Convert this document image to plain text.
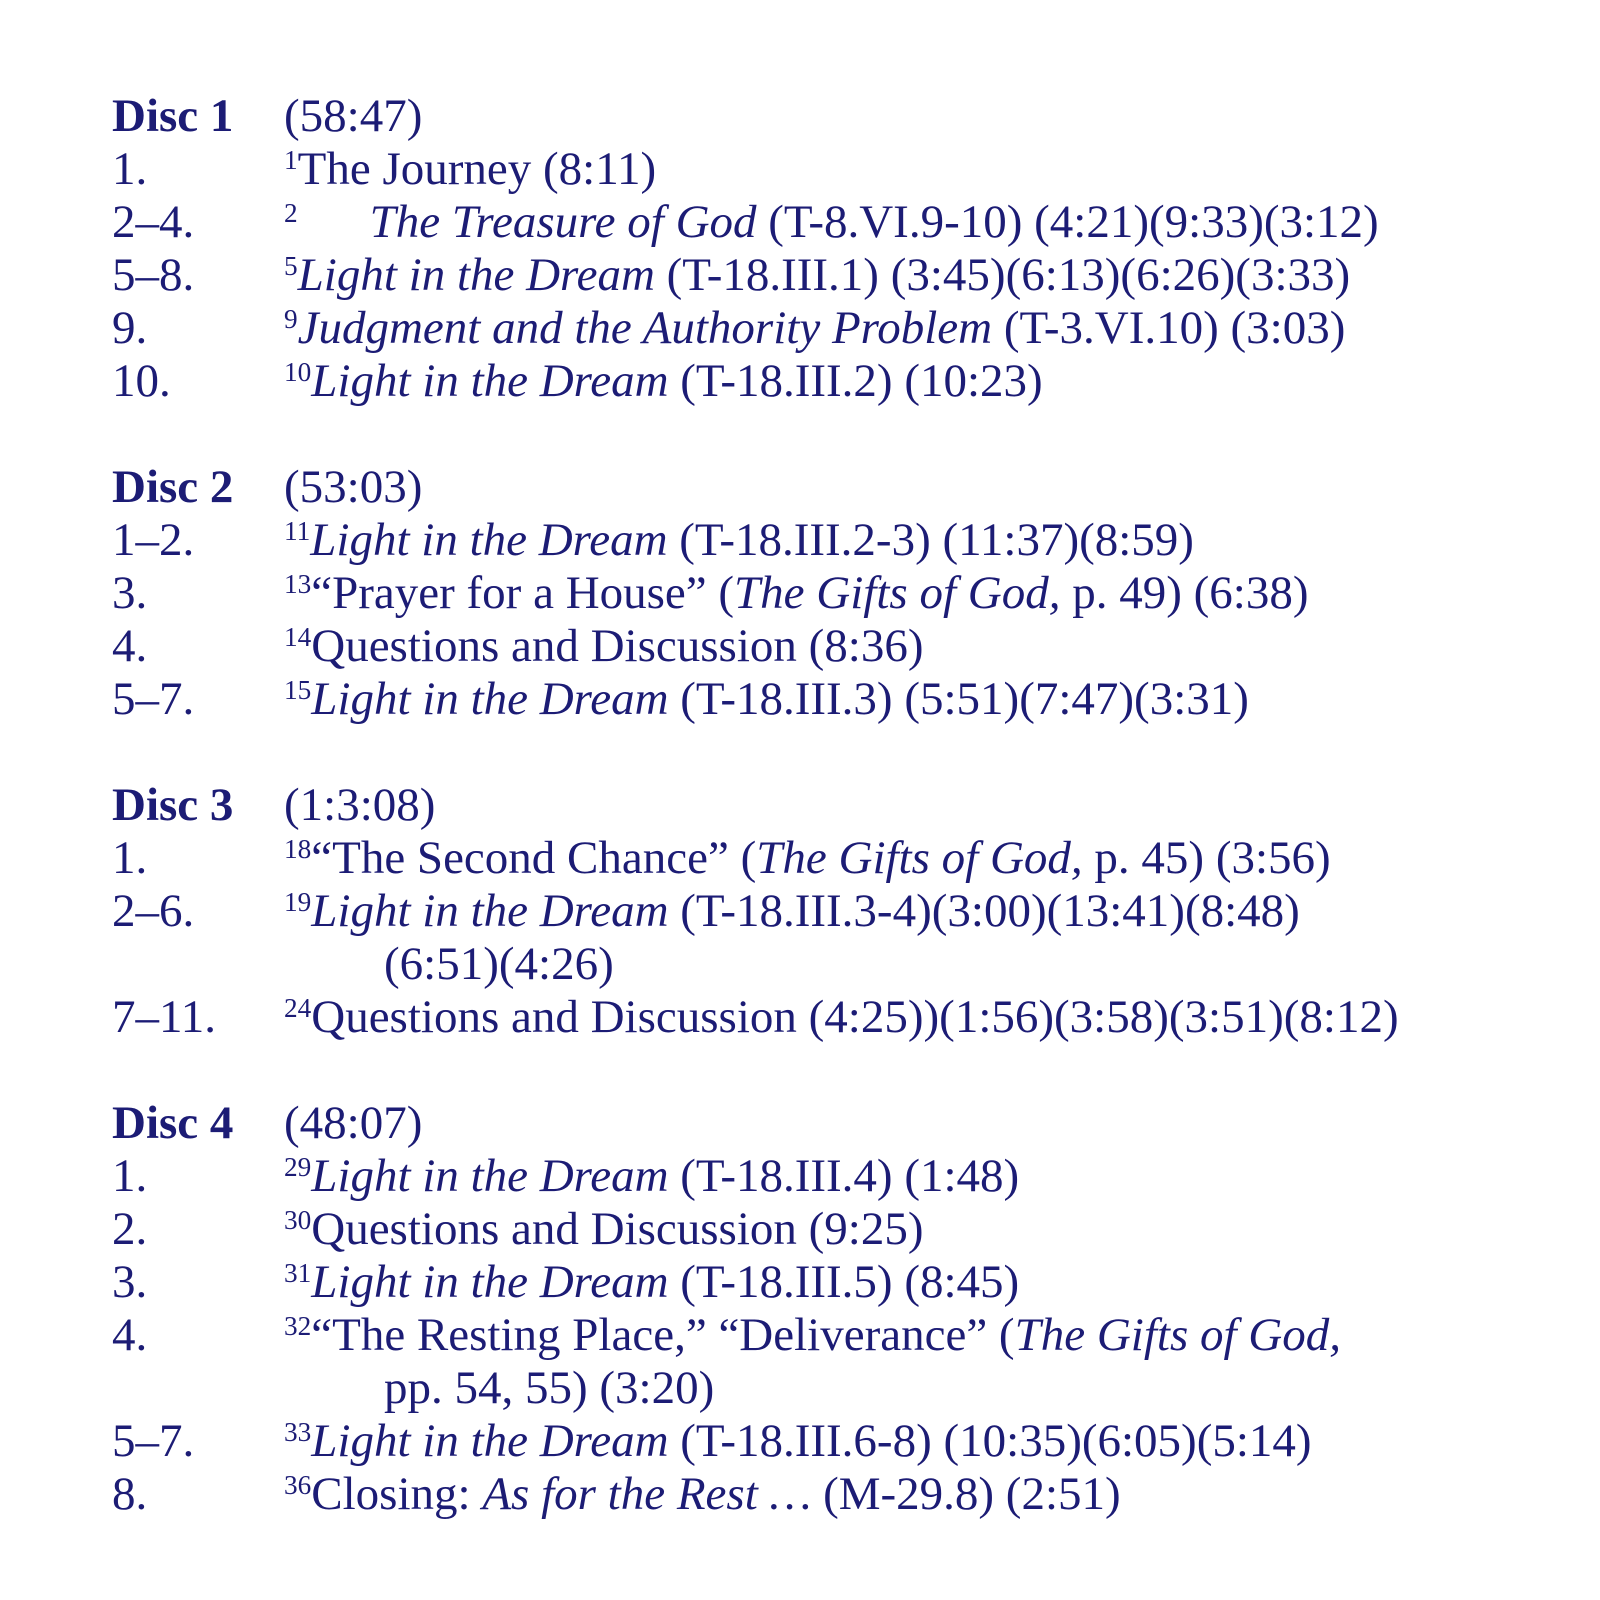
Disc 1	(58:47)
1.	$^1$The Journey (8:11)
2–4.	$^2$ The Treasure of God (T-8.VI.9-10) (4:21)(9:33)(3:12)
5–8.	$^5$Light in the Dream (T-18.III.1) (3:45)(6:13)(6:26)(3:33)
9.	$^9$Judgment and the Authority Problem (T-3.VI.10) (3:03)
10.	$^{10}$Light in the Dream (T-18.III.2) (10:23)
Disc 2	(53:03)
1–2.	$^{11}$Light in the Dream (T-18.III.2-3) (11:37)(8:59)
3.	$^{13}$“Prayer for a House” (The Gifts of God, p. 49) (6:38)
4.	$^{14}$Questions and Discussion (8:36)
5–7.	$^{15}$Light in the Dream (T-18.III.3) (5:51)(7:47)(3:31)
Disc 3	(1:3:08)
1.	$^{18}$“The Second Chance” (The Gifts of God, p. 45) (3:56)
2–6.	$^{19}$Light in the Dream (T-18.III.3-4)(3:00)(13:41)(8:48)
(6:51)(4:26)
7–11.	$^{24}$Questions and Discussion (4:25))(1:56)(3:58)(3:51)(8:12)
Disc 4	(48:07)
1.	$^{29}$Light in the Dream (T-18.III.4) (1:48)
2.	$^{30}$Questions and Discussion (9:25)
3.	$^{31}$Light in the Dream (T-18.III.5) (8:45)
4.	$^{32}$“The Resting Place,” “Deliverance” (The Gifts of God,
pp. 54, 55) (3:20)
5–7.	$^{33}$Light in the Dream (T-18.III.6-8) (10:35)(6:05)(5:14)
8.	$^{36}$Closing: As for the Rest … (M-29.8) (2:51)
